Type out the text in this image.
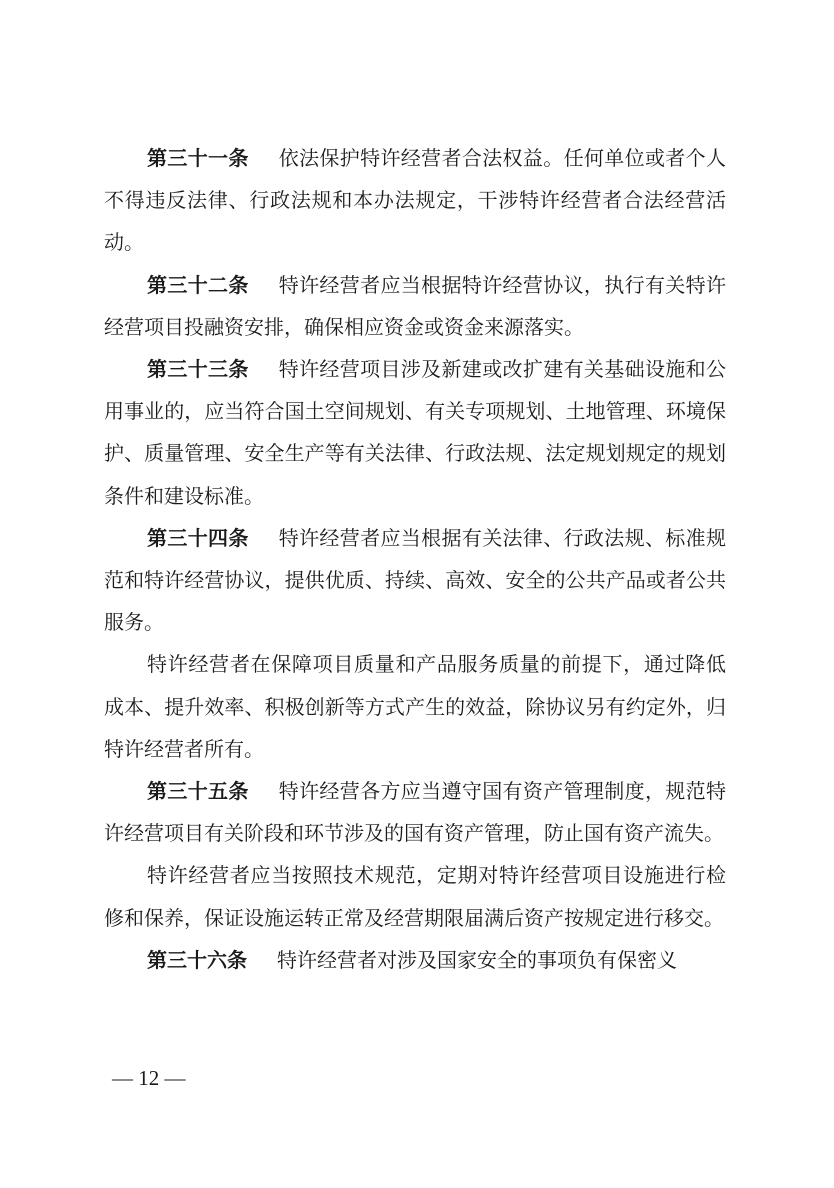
第三十一条 依法保护特许经营者合法权益。任何单位或者个人不得违反法律、行政法规和本办法规定，干涉特许经营者合法经营活动。

第三十二条 特许经营者应当根据特许经营协议，执行有关特许经营项目投融资安排，确保相应资金或资金来源落实。

第三十三条 特许经营项目涉及新建或改扩建有关基础设施和公用事业的，应当符合国土空间规划、有关专项规划、土地管理、环境保护、质量管理、安全生产等有关法律、行政法规、法定规划规定的规划条件和建设标准。

第三十四条 特许经营者应当根据有关法律、行政法规、标准规范和特许经营协议，提供优质、持续、高效、安全的公共产品或者公共服务。

特许经营者在保障项目质量和产品服务质量的前提下，通过降低成本、提升效率、积极创新等方式产生的效益，除协议另有约定外，归特许经营者所有。

第三十五条 特许经营各方应当遵守国有资产管理制度，规范特许经营项目有关阶段和环节涉及的国有资产管理，防止国有资产流失。

特许经营者应当按照技术规范，定期对特许经营项目设施进行检修和保养，保证设施运转正常及经营期限届满后资产按规定进行移交。

第三十六条 特许经营者对涉及国家安全的事项负有保密义

— 12 —
